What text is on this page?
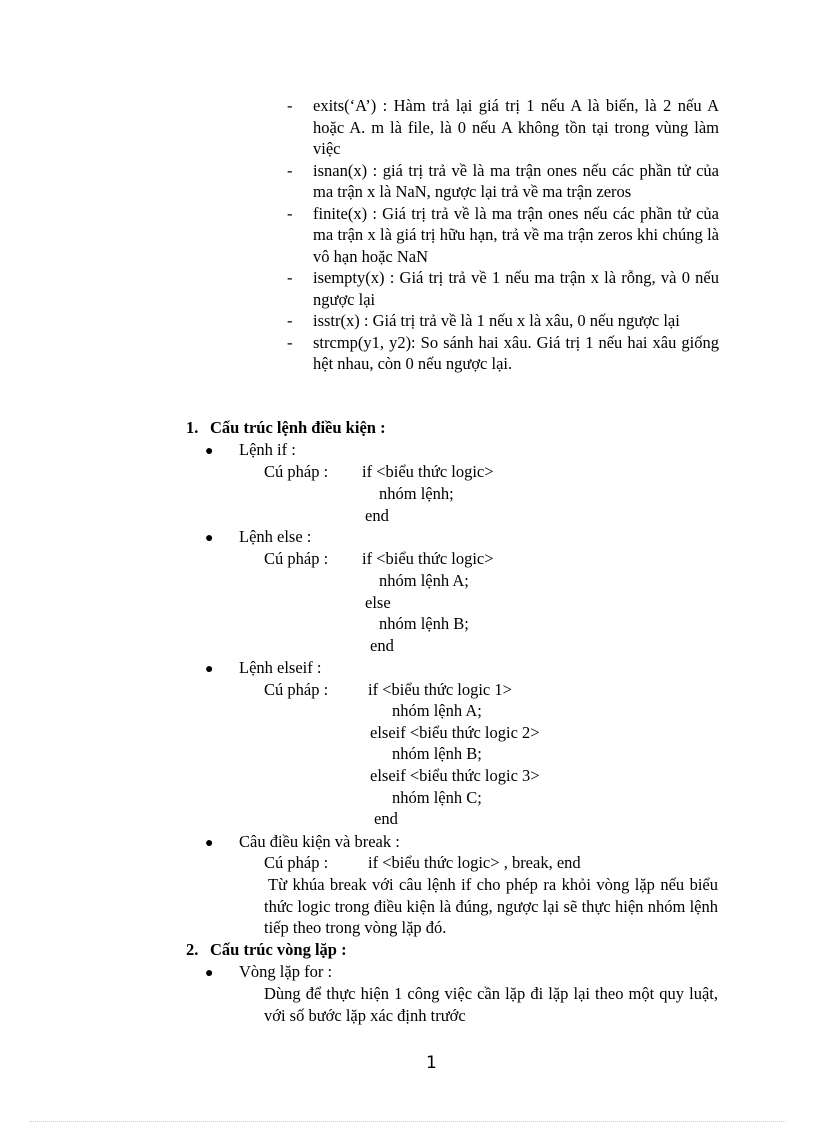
- exits(‘A’) : Hàm trả lại giá trị 1 nếu A là biến, là 2 nếu A hoặc A. m là file, là 0 nếu A không tồn tại trong vùng làm việc
- isnan(x) : giá trị trả về là ma trận ones nếu các phần tử của ma trận x là NaN, ngược lại trả về ma trận zeros
- finite(x) : Giá trị trả về là ma trận ones nếu các phần tử của ma trận x là giá trị hữu hạn, trả về ma trận zeros khi chúng là vô hạn hoặc NaN
- isempty(x) : Giá trị trả về 1 nếu ma trận x là rỗng, và 0 nếu ngược lại
- isstr(x) : Giá trị trả về là 1 nếu x là xâu, 0 nếu ngược lại
- strcmp(y1, y2): So sánh hai xâu. Giá trị 1 nếu hai xâu giống hệt nhau, còn 0 nếu ngược lại.
1. Cấu trúc lệnh điều kiện :
● Lệnh if :
Cú pháp : if <biểu thức logic>
nhóm lệnh;
end
● Lệnh else :
Cú pháp : if <biểu thức logic>
nhóm lệnh A;
else
nhóm lệnh B;
end
● Lệnh elseif :
Cú pháp : if <biểu thức logic 1>
nhóm lệnh A;
elseif <biểu thức logic 2>
nhóm lệnh B;
elseif <biểu thức logic 3>
nhóm lệnh C;
end
● Câu điều kiện và break :
Cú pháp : if <biểu thức logic> , break, end
Từ khúa break với câu lệnh if cho phép ra khỏi vòng lặp nếu biểu thức logic trong điều kiện là đúng, ngược lại sẽ thực hiện nhóm lệnh tiếp theo trong vòng lặp đó.
2. Cấu trúc vòng lặp :
● Vòng lặp for :
Dùng để thực hiện 1 công việc cần lặp đi lặp lại theo một quy luật, với số bước lặp xác định trước
1
